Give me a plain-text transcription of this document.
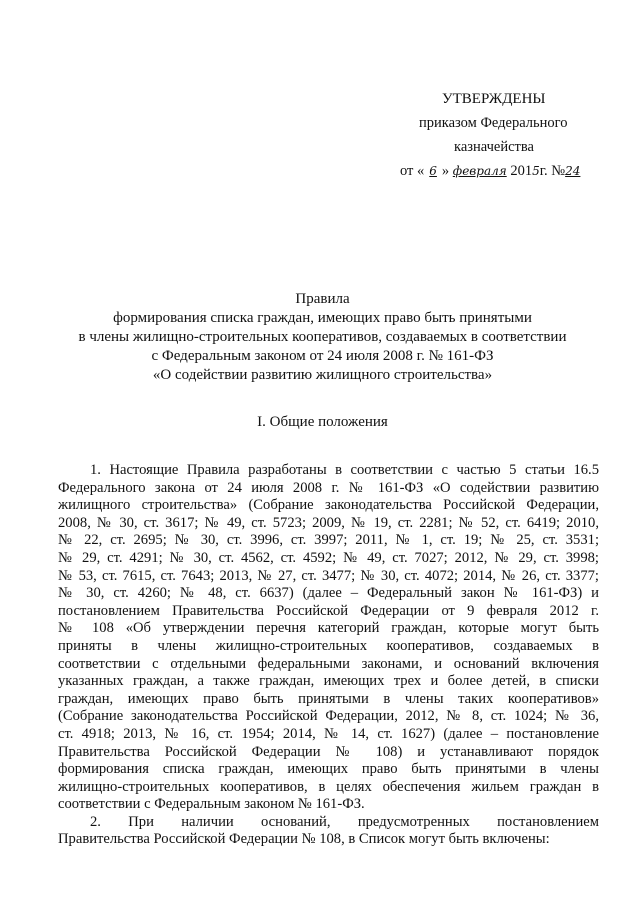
УТВЕРЖДЕНЫ
приказом Федерального
казначейства
от « 6 » февраля 2015г. №24
Правила
формирования списка граждан, имеющих право быть принятыми
в члены жилищно-строительных кооперативов, создаваемых в соответствии
с Федеральным законом от 24 июля 2008 г. № 161-ФЗ
«О содействии развитию жилищного строительства»
I. Общие положения
1. Настоящие Правила разработаны в соответствии с частью 5 статьи 16.5
Федерального закона от 24 июля 2008 г. № 161-ФЗ «О содействии развитию
жилищного строительства» (Собрание законодательства Российской Федерации,
2008, № 30, ст. 3617; № 49, ст. 5723; 2009, № 19, ст. 2281; № 52, ст. 6419; 2010,
№ 22, ст. 2695; № 30, ст. 3996, ст. 3997; 2011, № 1, ст. 19; № 25, ст. 3531;
№ 29, ст. 4291; № 30, ст. 4562, ст. 4592; № 49, ст. 7027; 2012, № 29, ст. 3998;
№ 53, ст. 7615, ст. 7643; 2013, № 27, ст. 3477; № 30, ст. 4072; 2014, № 26, ст. 3377;
№ 30, ст. 4260; № 48, ст. 6637) (далее – Федеральный закон № 161-ФЗ) и
постановлением Правительства Российской Федерации от 9 февраля 2012 г.
№ 108 «Об утверждении перечня категорий граждан, которые могут быть
приняты в члены жилищно-строительных кооперативов, создаваемых в
соответствии с отдельными федеральными законами, и оснований включения
указанных граждан, а также граждан, имеющих трех и более детей, в списки
граждан, имеющих право быть принятыми в члены таких кооперативов»
(Собрание законодательства Российской Федерации, 2012, № 8, ст. 1024; № 36,
ст. 4918; 2013, № 16, ст. 1954; 2014, № 14, ст. 1627) (далее – постановление
Правительства Российской Федерации № 108) и устанавливают порядок
формирования списка граждан, имеющих право быть принятыми в члены
жилищно-строительных кооперативов, в целях обеспечения жильем граждан в
соответствии с Федеральным законом № 161-ФЗ.
2. При наличии оснований, предусмотренных постановлением
Правительства Российской Федерации № 108, в Список могут быть включены:
